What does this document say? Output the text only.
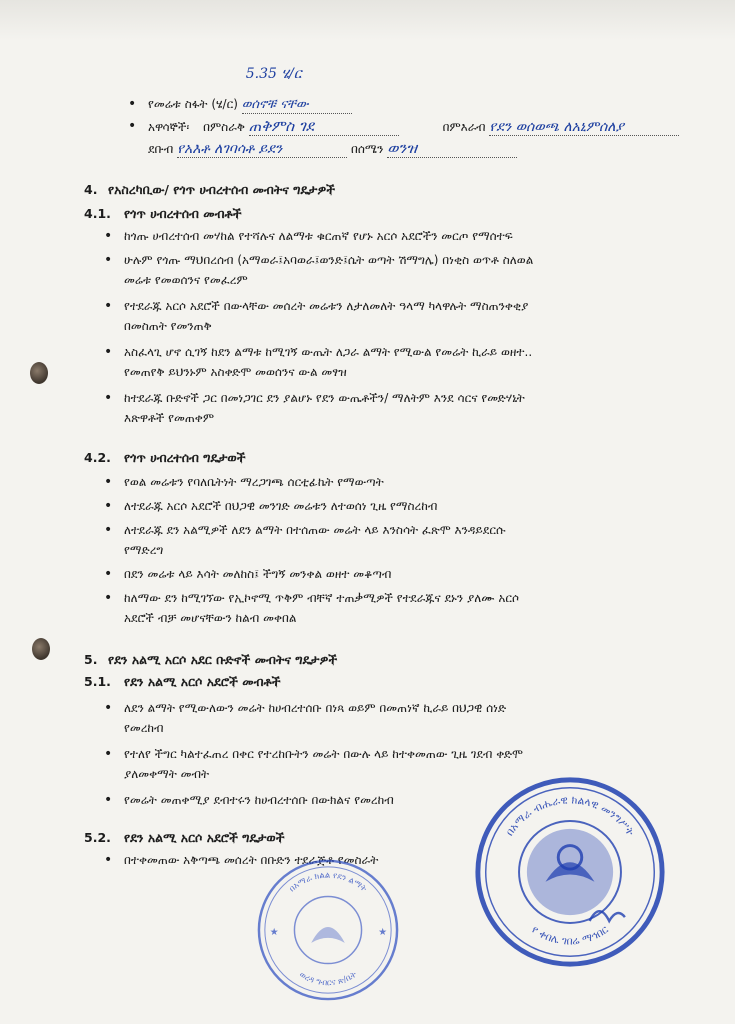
• የመሬቱ ስፋት (ሄ/ር)
5.35 ሄ/ር
ወሰኖቹ ናቸው
• አዋሳኞች፡ በምስራቅ ጠቅምስ ገደ	በምእራብ የደን ወሰወጫ ለአኒምሰለያ
ደቡብ የአእቶ ለገባሳቶ ይደን	በሰሜን ወንዝ
4. የአስረካቢው/ የጎጥ ሀብረተሰብ መብትና ግዴታዎች
4.1. የጎጥ ሀብረተሰብ መብቶች
• ከጎጡ ሀብረተሰብ መሃከል የተሻሉና ለልማቱ ቁርጠኛ የሆኑ አርሶ አደሮችን መርጦ የማሰተፍ
• ሁሉም የጎጡ ማህበረሰብ (አማወራ፤አባወራ፤ወንድ፤ሴት ወጣት ሽማግሌ) በነቂስ ወጥቶ ስለወል
መሬቱ የመወሰንና የመፈረም
• የተደራጁ አርሶ አደሮች በውላቸው መሰረት መሬቱን ለታለመለት ዓላማ ካላዋሉት ማስጠንቀቂያ
በመስጠት የመንጠቅ
• አስፈላጊ ሆኖ ሲገኝ ከደን ልማቱ ከሚገኝ ውጤት ለጋራ ልማት የሚውል የመሬት ኪራይ ወዘተ..
የመጠየቅ ይህንኑም አስቀድሞ መወሰንና ውል መፃዝ
• ከተደራጁ ቡድኖች ጋር በመነጋገር ደን ያልሆኑ የደን ውጤቶችን/ ማለትም እንደ ሳርና የመድሃኒት
እጽዋቶች የመጠቀም
4.2. የጎጥ ሀብረተሰብ ግዴታወች
• የወል መሬቱን የባለቤትነት ማረጋገጫ ሰርቲፊኬት የማውጣት
• ለተደራጁ አርሶ አደሮች በህጋዊ መንገድ መሬቱን ለተወሰነ ጊዜ የማስረከብ
• ለተደራጁ ደን አልሚዎች ለደን ልማት በተሰጠው መሬት ላይ እንስሳት ፈጽሞ እንዳይደርሱ
የማድረግ
• በደን መሬቱ ላይ እሳት መለከስ፤ ችግኝ መንቀል ወዘተ መቆጣብ
• ከለማው ደን ከሚገኘው የኢኮኖሚ ጥቅም ብቸኛ ተጠቃሚዎች የተደራጁና ደኑን ያለሙ አርሶ
አደሮች ብቻ መሆናቸውን ከልብ መቀበል
5. የደን አልሚ አርሶ አደር ቡድኖች መብትና ግዴታዎች
5.1. የደን አልሚ አርሶ አደሮች መብቶች
• ለደን ልማት የሚውለውን መሬት ከሀብረተሰቡ በነጻ ወይም በመጠነኛ ኪራይ በህጋዊ ሰነድ
የመረከብ
• የተለየ ችግር ካልተፈጠረ በቀር የተረከቡትን መሬት በውሉ ላይ ከተቀመጠው ጊዜ ገደብ ቀድሞ
ያለመቀማት መብት
• የመሬት መጠቀሚያ ደብተሩን ከሀብረተሰቡ በውክልና የመረከብ
5.2. የደን አልሚ አርሶ አደሮች ግዴታወች
• በተቀመጠው አቅጣጫ መሰረት በቡድን ተደራጅቶ የመስራት
በአማራ ብሔራዊ ክልላዊ መንግሥት
የ ቀበሌ ገበሬ ማኅበር
★	★
በአማራ ክልል የደን ልማት
ወረዳ ግብርና ጽ/ቤት
